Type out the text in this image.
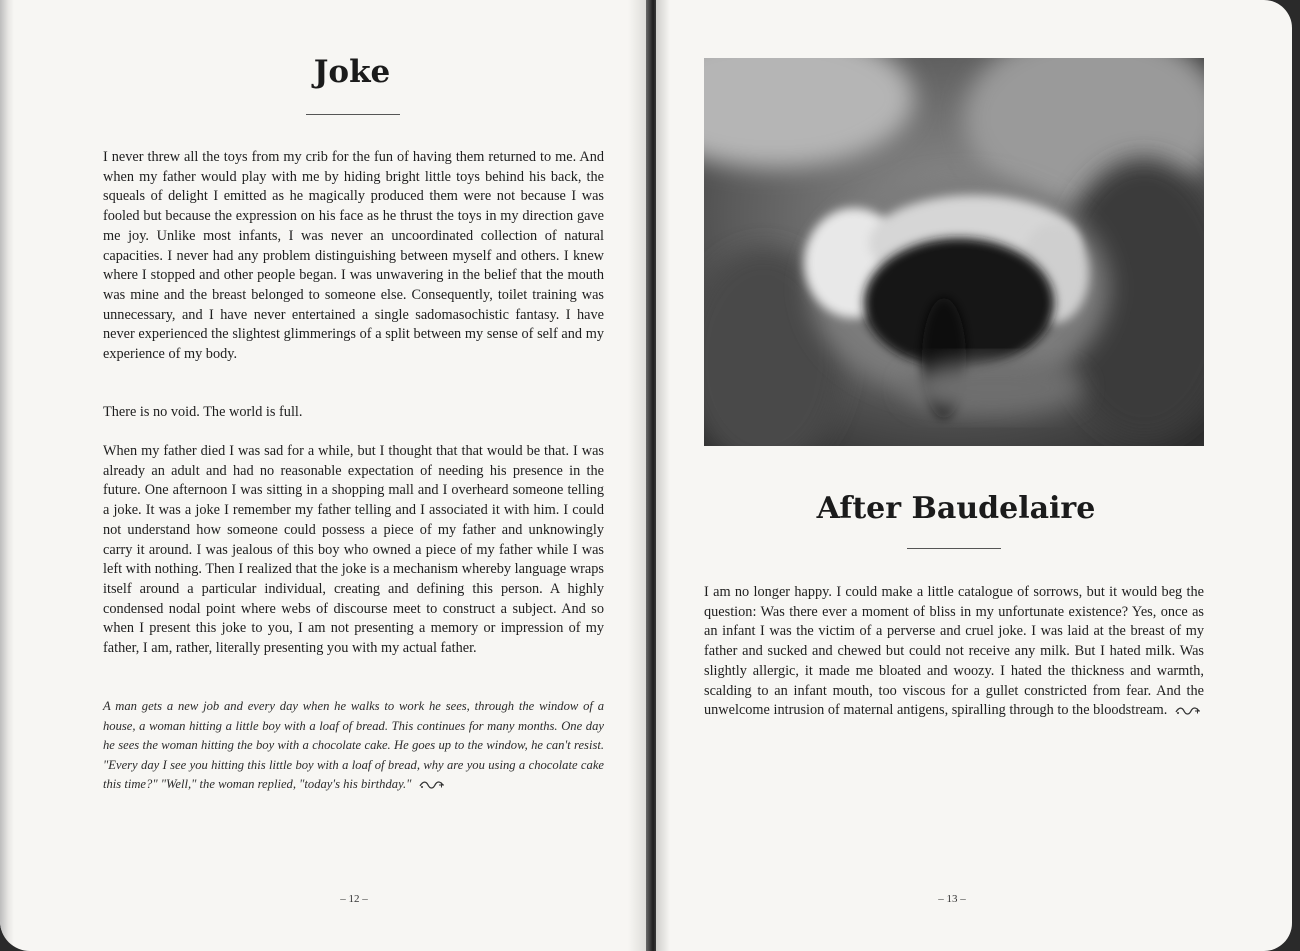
Joke

I never threw all the toys from my crib for the fun of having them returned to me. And when my father would play with me by hiding bright little toys behind his back, the squeals of delight I emitted as he magically produced them were not because I was fooled but because the expression on his face as he thrust the toys in my direction gave me joy. Unlike most infants, I was never an uncoordinated collection of natural capacities. I never had any problem distinguishing between myself and others. I knew where I stopped and other people began. I was unwavering in the belief that the mouth was mine and the breast belonged to someone else. Consequently, toilet training was unnecessary, and I have never entertained a single sadomasochistic fantasy. I have never experienced the slightest glimmerings of a split between my sense of self and my experience of my body.

There is no void. The world is full.

When my father died I was sad for a while, but I thought that that would be that. I was already an adult and had no reasonable expectation of needing his presence in the future. One afternoon I was sitting in a shopping mall and I overheard someone telling a joke. It was a joke I remember my father telling and I associated it with him. I could not understand how someone could possess a piece of my father and unknowingly carry it around. I was jealous of this boy who owned a piece of my father while I was left with nothing. Then I realized that the joke is a mechanism whereby language wraps itself around a particular individual, creating and defining this person. A highly condensed nodal point where webs of discourse meet to construct a subject. And so when I present this joke to you, I am not presenting a memory or impression of my father, I am, rather, literally presenting you with my actual father.

A man gets a new job and every day when he walks to work he sees, through the window of a house, a woman hitting a little boy with a loaf of bread. This continues for many months. One day he sees the woman hitting the boy with a chocolate cake. He goes up to the window, he can't resist. "Every day I see you hitting this little boy with a loaf of bread, why are you using a chocolate cake this time?" "Well," the woman replied, "today's his birthday."

– 12 –

After Baudelaire
I am no longer happy. I could make a little catalogue of sorrows, but it would beg the question: Was there ever a moment of bliss in my unfortunate existence? Yes, once as an infant I was the victim of a perverse and cruel joke. I was laid at the breast of my father and sucked and chewed but could not receive any milk. But I hated milk. Was slightly allergic, it made me bloated and woozy. I hated the thickness and warmth, scalding to an infant mouth, too viscous for a gullet constricted from fear. And the unwelcome intrusion of maternal antigens, spiralling through to the bloodstream.

– 13 –
